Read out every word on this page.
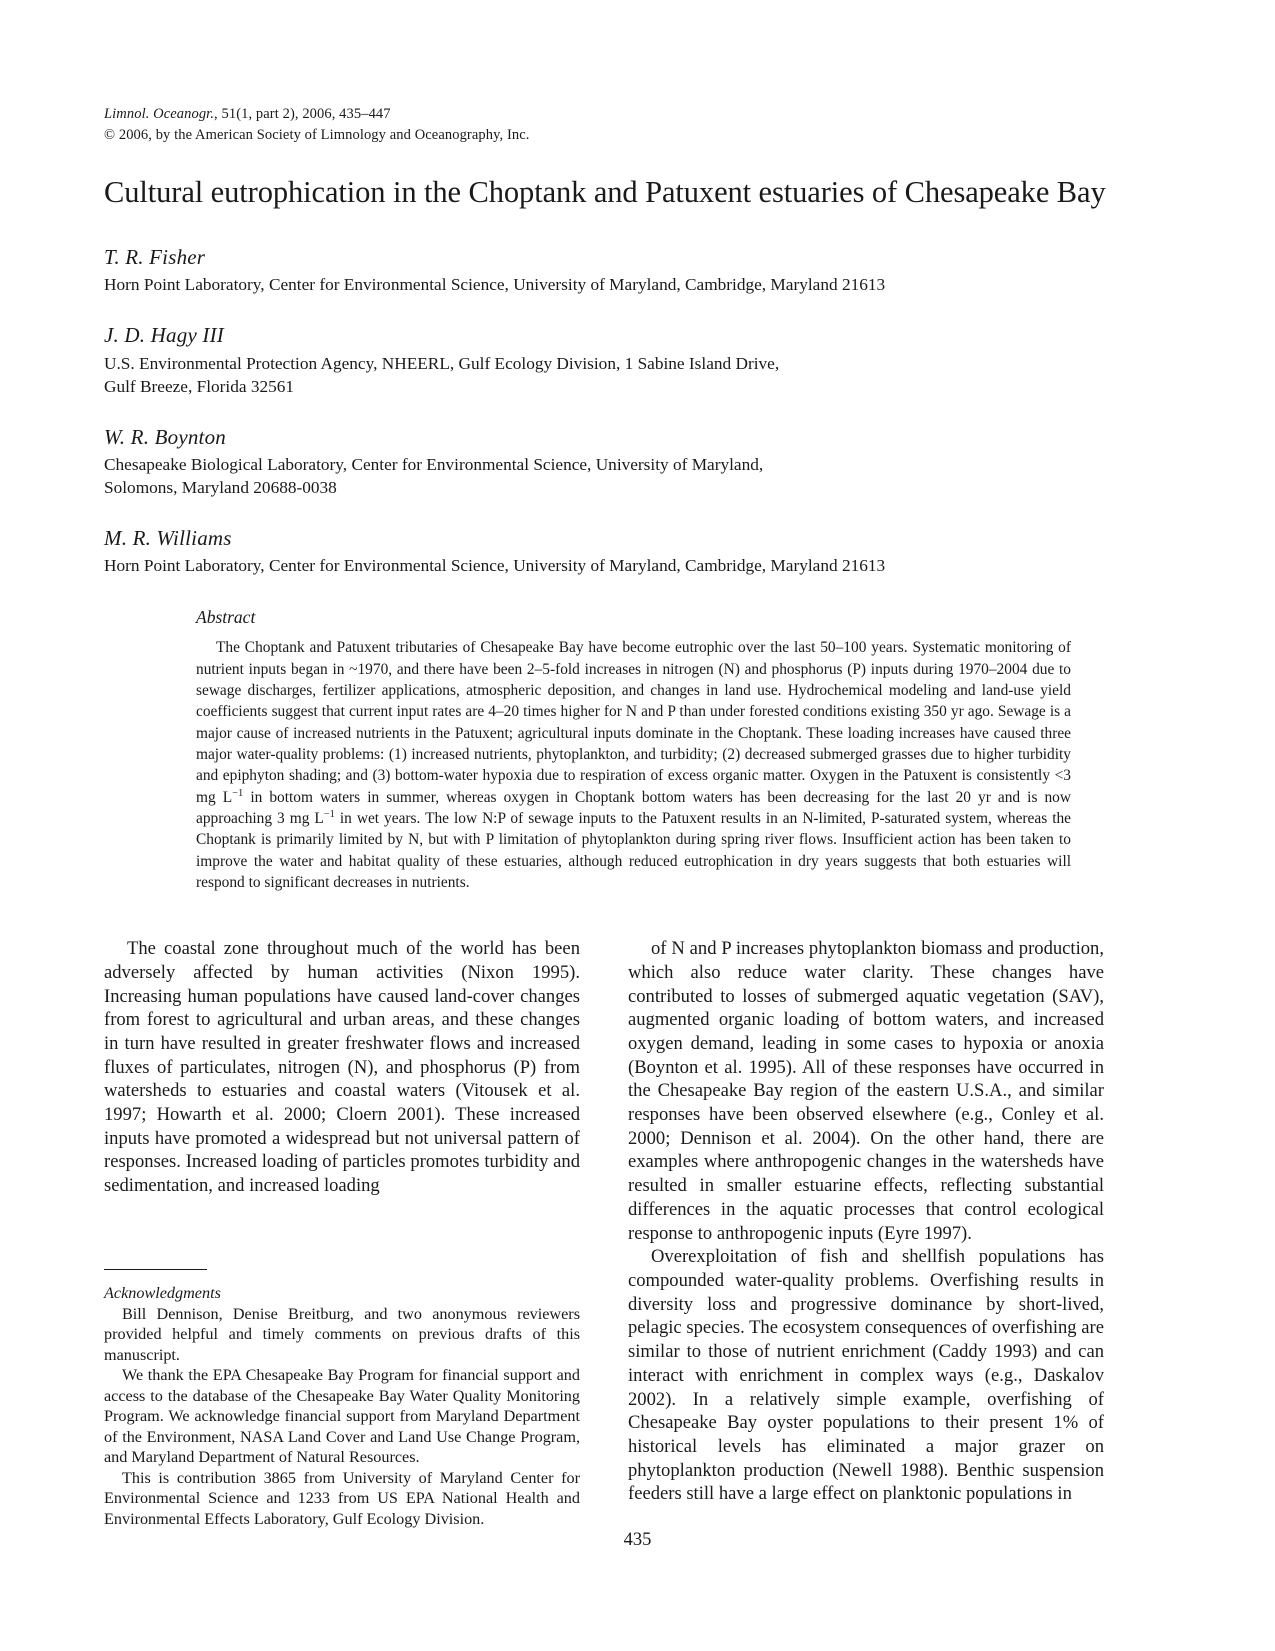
Limnol. Oceanogr., 51(1, part 2), 2006, 435–447
© 2006, by the American Society of Limnology and Oceanography, Inc.
Cultural eutrophication in the Choptank and Patuxent estuaries of Chesapeake Bay
T. R. Fisher
Horn Point Laboratory, Center for Environmental Science, University of Maryland, Cambridge, Maryland 21613
J. D. Hagy III
U.S. Environmental Protection Agency, NHEERL, Gulf Ecology Division, 1 Sabine Island Drive,
Gulf Breeze, Florida 32561
W. R. Boynton
Chesapeake Biological Laboratory, Center for Environmental Science, University of Maryland,
Solomons, Maryland 20688-0038
M. R. Williams
Horn Point Laboratory, Center for Environmental Science, University of Maryland, Cambridge, Maryland 21613
Abstract
The Choptank and Patuxent tributaries of Chesapeake Bay have become eutrophic over the last 50–100 years. Systematic monitoring of nutrient inputs began in ~1970, and there have been 2–5-fold increases in nitrogen (N) and phosphorus (P) inputs during 1970–2004 due to sewage discharges, fertilizer applications, atmospheric deposition, and changes in land use. Hydrochemical modeling and land-use yield coefficients suggest that current input rates are 4–20 times higher for N and P than under forested conditions existing 350 yr ago. Sewage is a major cause of increased nutrients in the Patuxent; agricultural inputs dominate in the Choptank. These loading increases have caused three major water-quality problems: (1) increased nutrients, phytoplankton, and turbidity; (2) decreased submerged grasses due to higher turbidity and epiphyton shading; and (3) bottom-water hypoxia due to respiration of excess organic matter. Oxygen in the Patuxent is consistently <3 mg $L^{-1}$ in bottom waters in summer, whereas oxygen in Choptank bottom waters has been decreasing for the last 20 yr and is now approaching 3 mg $L^{-1}$ in wet years. The low N:P of sewage inputs to the Patuxent results in an N-limited, P-saturated system, whereas the Choptank is primarily limited by N, but with P limitation of phytoplankton during spring river flows. Insufficient action has been taken to improve the water and habitat quality of these estuaries, although reduced eutrophication in dry years suggests that both estuaries will respond to significant decreases in nutrients.

The coastal zone throughout much of the world has been adversely affected by human activities (Nixon 1995). Increasing human populations have caused land-cover changes from forest to agricultural and urban areas, and these changes in turn have resulted in greater freshwater flows and increased fluxes of particulates, nitrogen (N), and phosphorus (P) from watersheds to estuaries and coastal waters (Vitousek et al. 1997; Howarth et al. 2000; Cloern 2001). These increased inputs have promoted a widespread but not universal pattern of responses. Increased loading of particles promotes turbidity and sedimentation, and increased loading

Acknowledgments

Bill Dennison, Denise Breitburg, and two anonymous reviewers provided helpful and timely comments on previous drafts of this manuscript.

We thank the EPA Chesapeake Bay Program for financial support and access to the database of the Chesapeake Bay Water Quality Monitoring Program. We acknowledge financial support from Maryland Department of the Environment, NASA Land Cover and Land Use Change Program, and Maryland Department of Natural Resources.

This is contribution 3865 from University of Maryland Center for Environmental Science and 1233 from US EPA National Health and Environmental Effects Laboratory, Gulf Ecology Division.

of N and P increases phytoplankton biomass and production, which also reduce water clarity. These changes have contributed to losses of submerged aquatic vegetation (SAV), augmented organic loading of bottom waters, and increased oxygen demand, leading in some cases to hypoxia or anoxia (Boynton et al. 1995). All of these responses have occurred in the Chesapeake Bay region of the eastern U.S.A., and similar responses have been observed elsewhere (e.g., Conley et al. 2000; Dennison et al. 2004). On the other hand, there are examples where anthropogenic changes in the watersheds have resulted in smaller estuarine effects, reflecting substantial differences in the aquatic processes that control ecological response to anthropogenic inputs (Eyre 1997).

Overexploitation of fish and shellfish populations has compounded water-quality problems. Overfishing results in diversity loss and progressive dominance by short-lived, pelagic species. The ecosystem consequences of overfishing are similar to those of nutrient enrichment (Caddy 1993) and can interact with enrichment in complex ways (e.g., Daskalov 2002). In a relatively simple example, overfishing of Chesapeake Bay oyster populations to their present 1% of historical levels has eliminated a major grazer on phytoplankton production (Newell 1988). Benthic suspension feeders still have a large effect on planktonic populations in

435
